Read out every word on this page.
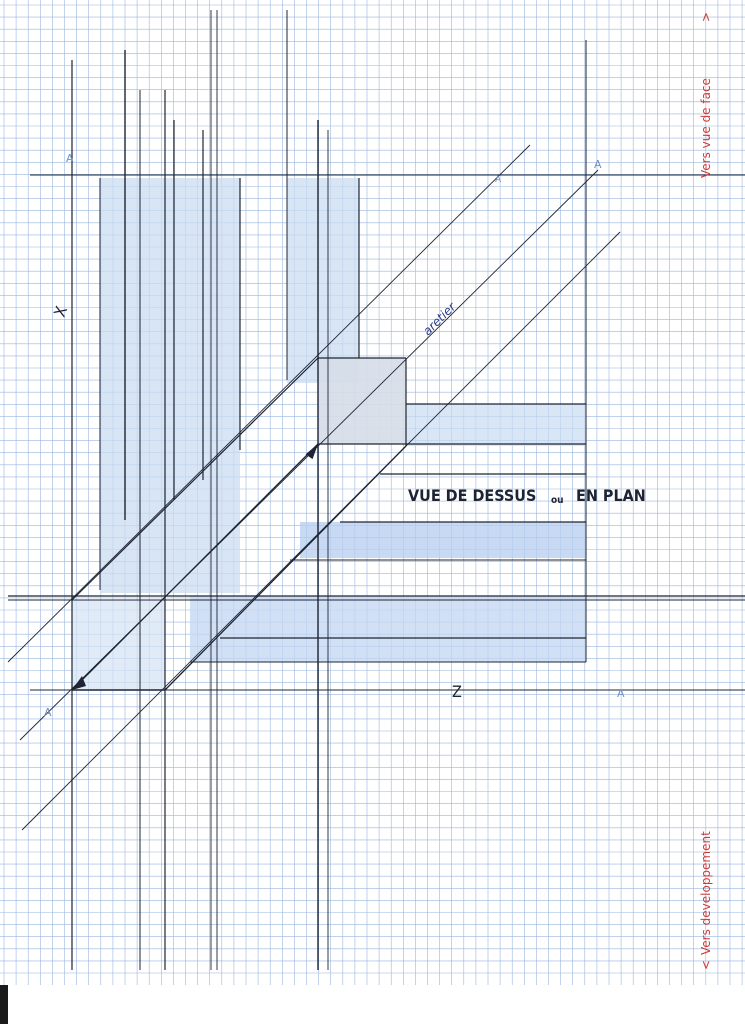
VUE DE DESSUS ou EN PLAN
aretier
Vers vue de face
>
Vers developpement
<
A	A
A
A
A
X
Z
